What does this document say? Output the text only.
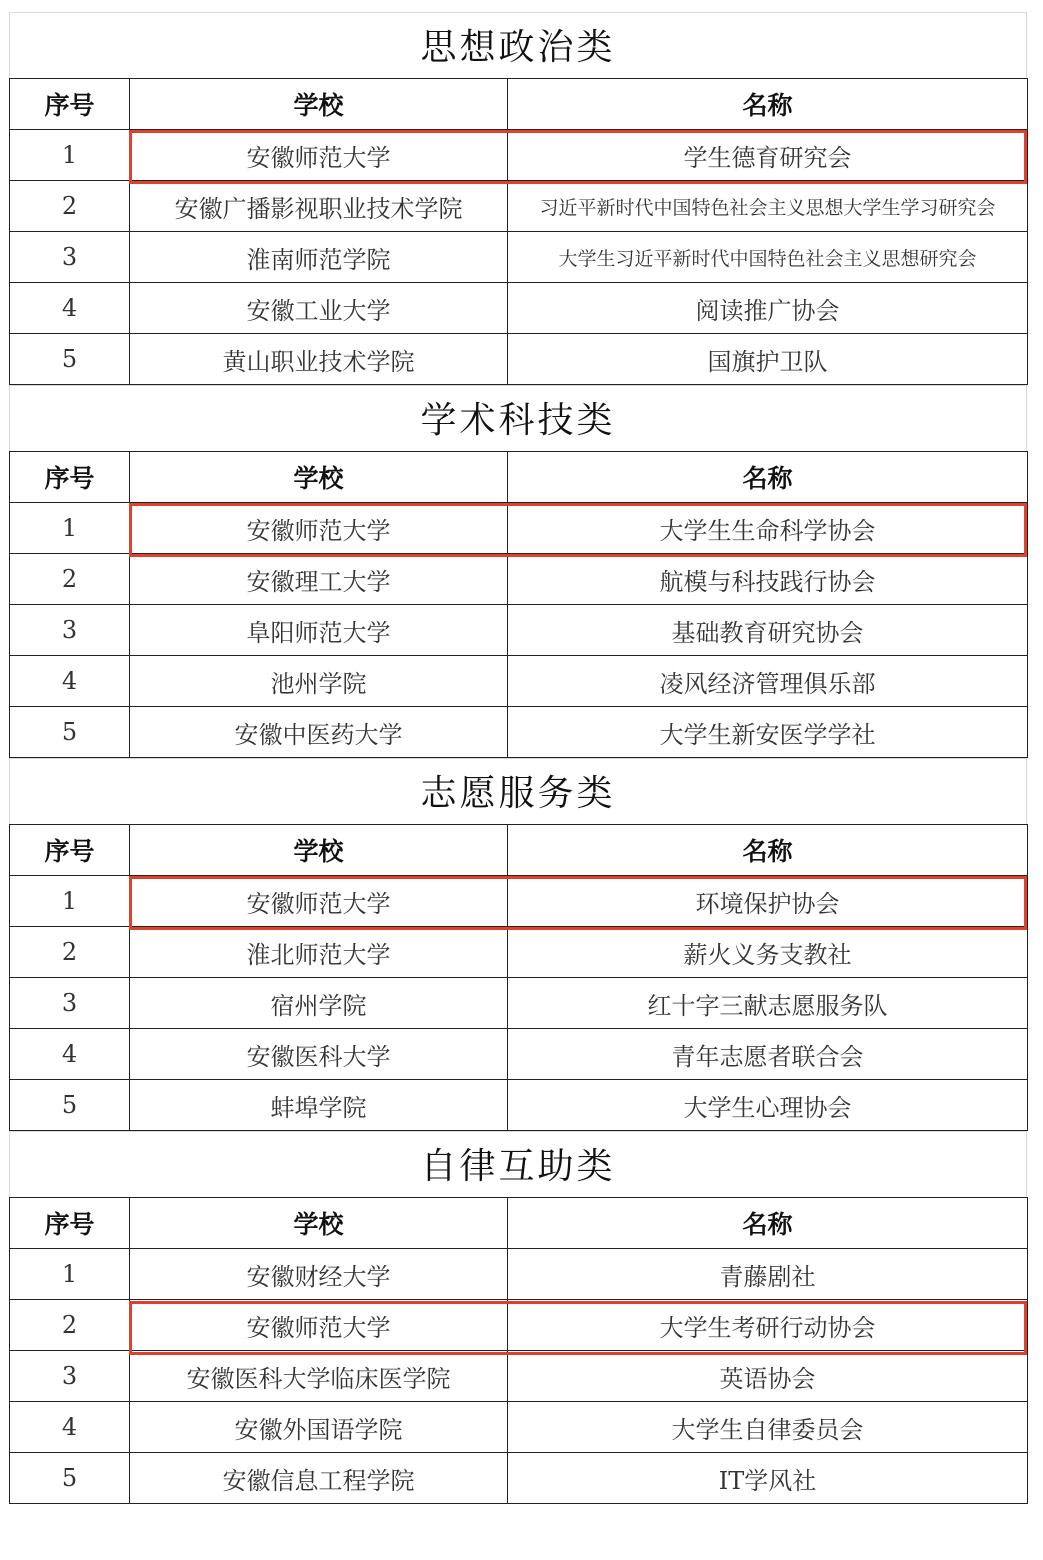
思想政治类
序号	学校	名称
1	安徽师范大学	学生德育研究会
2	安徽广播影视职业技术学院	‭习近平新时代中国特色社会主义思想大学生学习研究会‬
3	淮南师范学院	大学生习近平新时代中国特色社会主义思想研究会
4	安徽工业大学	阅读推广协会
5	黄山职业技术学院	国旗护卫队
学术科技类
序号	学校	名称
1	安徽师范大学	大学生生命科学协会
2	安徽理工大学	航模与科技践行协会
3	阜阳师范大学	基础教育研究协会
4	池州学院	凌风经济管理俱乐部
5	安徽中医药大学	大学生新安医学学社
志愿服务类
序号	学校	名称
1	安徽师范大学	环境保护协会
2	淮北师范大学	薪火义务支教社
3	宿州学院	红十字三献志愿服务队
4	安徽医科大学	青年志愿者联合会
5	蚌埠学院	大学生心理协会
自律互助类
序号	学校	名称
1	安徽财经大学	青藤剧社
2	安徽师范大学	大学生考研行动协会
3	安徽医科大学临床医学院	英语协会
4	安徽外国语学院	大学生自律委员会
5	安徽信息工程学院	IT学风社
